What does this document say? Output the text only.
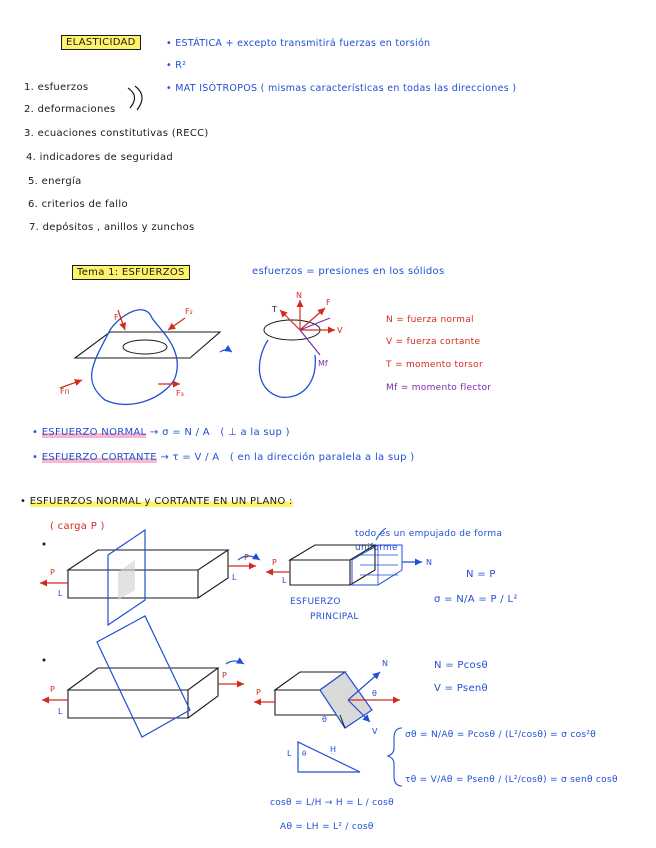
ELASTICIDAD	• ESTÁTICA + excepto transmitirá fuerzas en torsión
• R²
• MAT ISÓTROPOS ( mismas características en todas las direcciones )
1. esfuerzos
2. deformaciones
3. ecuaciones constitutivas (RECC)
4. indicadores de seguridad
5. energía
6. criterios de fallo
7. depósitos , anillos y zunchos
Tema 1: ESFUERZOS	esfuerzos = presiones en los sólidos
N = fuerza normal
V = fuerza cortante
T = momento torsor
Mf = momento flector
• ESFUERZO NORMAL → σ = N / A ( ⊥ a la sup )
• ESFUERZO CORTANTE → τ = V / A ( en la dirección paralela a la sup )
• ESFUERZOS NORMAL y CORTANTE EN UN PLANO :
( carga P )
todo es un empujado de forma uniforme
N = P
σ = N/A = P / L²
ESFUERZO
PRINCIPAL
N = Pcosθ
V = Psenθ
σθ = N/Aθ = Pcosθ / (L²/cosθ) = σ cos²θ
τθ = V/Aθ = Psenθ / (L²/cosθ) = σ senθ cosθ
cosθ = L/H → H = L / cosθ
Aθ = LH = L² / cosθ
F₁
F₂
Fn	F₃
N
F
V
T
Mf
P
P
L
L
P
L
N
P
P
L
P
N
V
θ
θ
L	H
θ
